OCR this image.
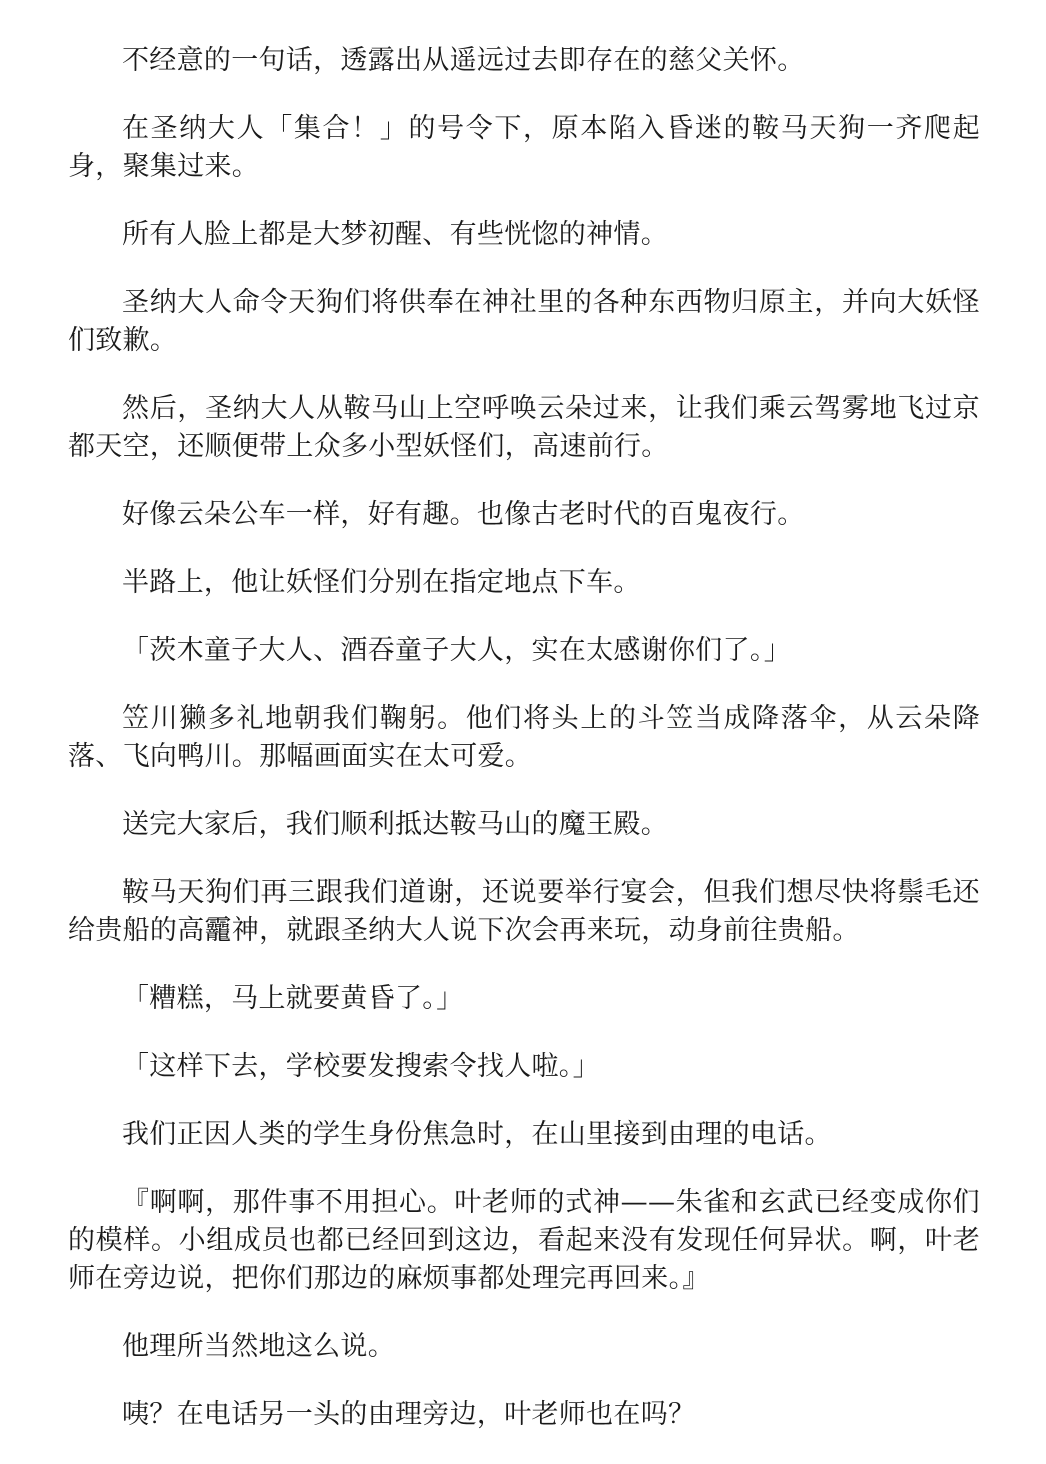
不经意的一句话，透露出从遥远过去即存在的慈父关怀。

在圣纳大人「集合！」的号令下，原本陷入昏迷的鞍马天狗一齐爬起身，聚集过来。

所有人脸上都是大梦初醒、有些恍惚的神情。

圣纳大人命令天狗们将供奉在神社里的各种东西物归原主，并向大妖怪们致歉。

然后，圣纳大人从鞍马山上空呼唤云朵过来，让我们乘云驾雾地飞过京都天空，还顺便带上众多小型妖怪们，高速前行。

好像云朵公车一样，好有趣。也像古老时代的百鬼夜行。

半路上，他让妖怪们分别在指定地点下车。

「茨木童子大人、酒吞童子大人，实在太感谢你们了。」

笠川獭多礼地朝我们鞠躬。他们将头上的斗笠当成降落伞，从云朵降落、飞向鸭川。那幅画面实在太可爱。

送完大家后，我们顺利抵达鞍马山的魔王殿。

鞍马天狗们再三跟我们道谢，还说要举行宴会，但我们想尽快将鬃毛还给贵船的高龗神，就跟圣纳大人说下次会再来玩，动身前往贵船。

「糟糕，马上就要黄昏了。」

「这样下去，学校要发搜索令找人啦。」

我们正因人类的学生身份焦急时，在山里接到由理的电话。

『啊啊，那件事不用担心。叶老师的式神——朱雀和玄武已经变成你们的模样。小组成员也都已经回到这边，看起来没有发现任何异状。啊，叶老师在旁边说，把你们那边的麻烦事都处理完再回来。』

他理所当然地这么说。

咦？在电话另一头的由理旁边，叶老师也在吗？
